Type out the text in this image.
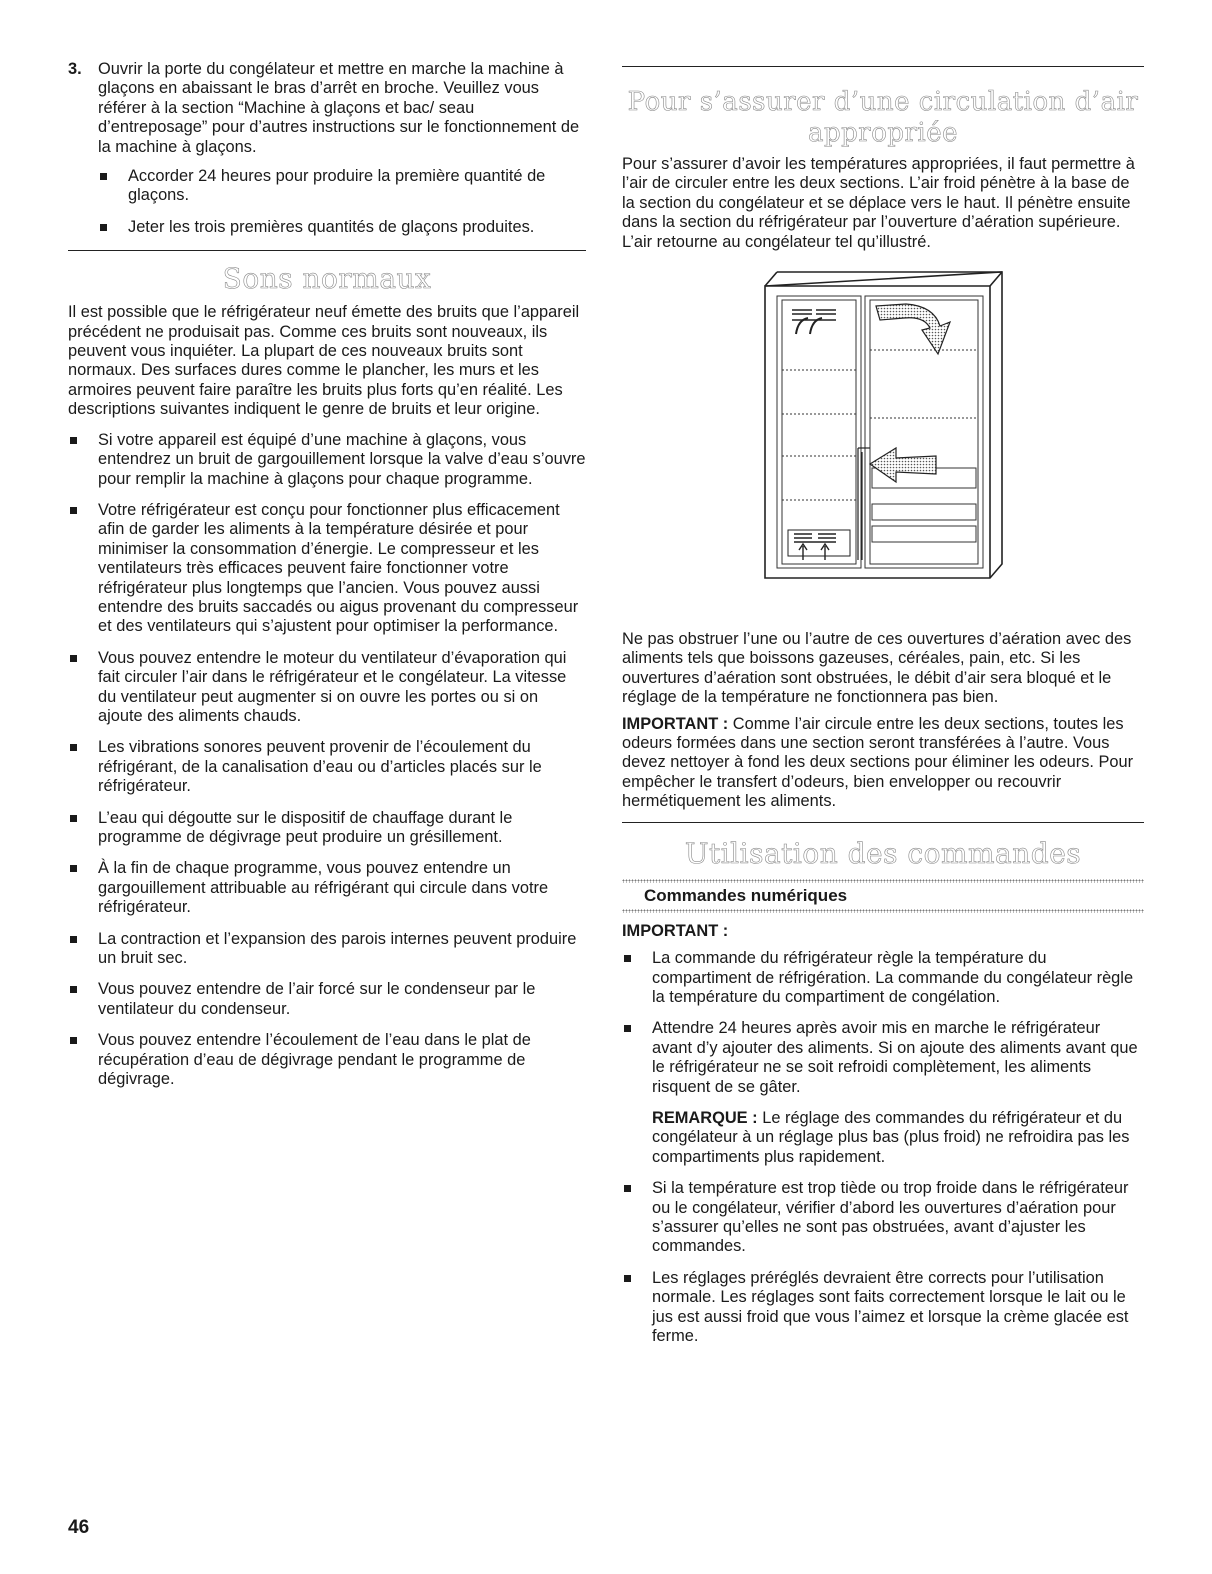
3. Ouvrir la porte du congélateur et mettre en marche la machine à glaçons en abaissant le bras d’arrêt en broche. Veuillez vous référer à la section “Machine à glaçons et bac/ seau d’entreposage” pour d’autres instructions sur le fonctionnement de la machine à glaçons.
Accorder 24 heures pour produire la première quantité de glaçons.
Jeter les trois premières quantités de glaçons produites.
Sons normaux

Il est possible que le réfrigérateur neuf émette des bruits que l’appareil précédent ne produisait pas. Comme ces bruits sont nouveaux, ils peuvent vous inquiéter. La plupart de ces nouveaux bruits sont normaux. Des surfaces dures comme le plancher, les murs et les armoires peuvent faire paraître les bruits plus forts qu’en réalité. Les descriptions suivantes indiquent le genre de bruits et leur origine.

Si votre appareil est équipé d’une machine à glaçons, vous entendrez un bruit de gargouillement lorsque la valve d’eau s’ouvre pour remplir la machine à glaçons pour chaque programme.
Votre réfrigérateur est conçu pour fonctionner plus efficacement afin de garder les aliments à la température désirée et pour minimiser la consommation d’énergie. Le compresseur et les ventilateurs très efficaces peuvent faire fonctionner votre réfrigérateur plus longtemps que l’ancien. Vous pouvez aussi entendre des bruits saccadés ou aigus provenant du compresseur et des ventilateurs qui s’ajustent pour optimiser la performance.
Vous pouvez entendre le moteur du ventilateur d’évaporation qui fait circuler l’air dans le réfrigérateur et le congélateur. La vitesse du ventilateur peut augmenter si on ouvre les portes ou si on ajoute des aliments chauds.
Les vibrations sonores peuvent provenir de l’écoulement du réfrigérant, de la canalisation d’eau ou d’articles placés sur le réfrigérateur.
L’eau qui dégoutte sur le dispositif de chauffage durant le programme de dégivrage peut produire un grésillement.
À la fin de chaque programme, vous pouvez entendre un gargouillement attribuable au réfrigérant qui circule dans votre réfrigérateur.
La contraction et l’expansion des parois internes peuvent produire un bruit sec.
Vous pouvez entendre de l’air forcé sur le condenseur par le ventilateur du condenseur.
Vous pouvez entendre l’écoulement de l’eau dans le plat de récupération d’eau de dégivrage pendant le programme de dégivrage.
Pour s’assurer d’une circulation d’air
appropriée

Pour s’assurer d’avoir les températures appropriées, il faut permettre à l’air de circuler entre les deux sections. L’air froid pénètre à la base de la section du congélateur et se déplace vers le haut. Il pénètre ensuite dans la section du réfrigérateur par l’ouverture d’aération supérieure. L’air retourne au congélateur tel qu’illustré.

Ne pas obstruer l’une ou l’autre de ces ouvertures d’aération avec des aliments tels que boissons gazeuses, céréales, pain, etc. Si les ouvertures d’aération sont obstruées, le débit d’air sera bloqué et le réglage de la température ne fonctionnera pas bien.

IMPORTANT : Comme l’air circule entre les deux sections, toutes les odeurs formées dans une section seront transférées à l’autre. Vous devez nettoyer à fond les deux sections pour éliminer les odeurs. Pour empêcher le transfert d’odeurs, bien envelopper ou recouvrir hermétiquement les aliments.

Utilisation des commandes
Commandes numériques

IMPORTANT :

La commande du réfrigérateur règle la température du compartiment de réfrigération. La commande du congélateur règle la température du compartiment de congélation.
Attendre 24 heures après avoir mis en marche le réfrigérateur avant d’y ajouter des aliments. Si on ajoute des aliments avant que le réfrigérateur ne se soit refroidi complètement, les aliments risquent de se gâter.

REMARQUE : Le réglage des commandes du réfrigérateur et du congélateur à un réglage plus bas (plus froid) ne refroidira pas les compartiments plus rapidement.

Si la température est trop tiède ou trop froide dans le réfrigérateur ou le congélateur, vérifier d’abord les ouvertures d’aération pour s’assurer qu’elles ne sont pas obstruées, avant d’ajuster les commandes.
Les réglages préréglés devraient être corrects pour l’utilisation normale. Les réglages sont faits correctement lorsque le lait ou le jus est aussi froid que vous l’aimez et lorsque la crème glacée est ferme.
46
